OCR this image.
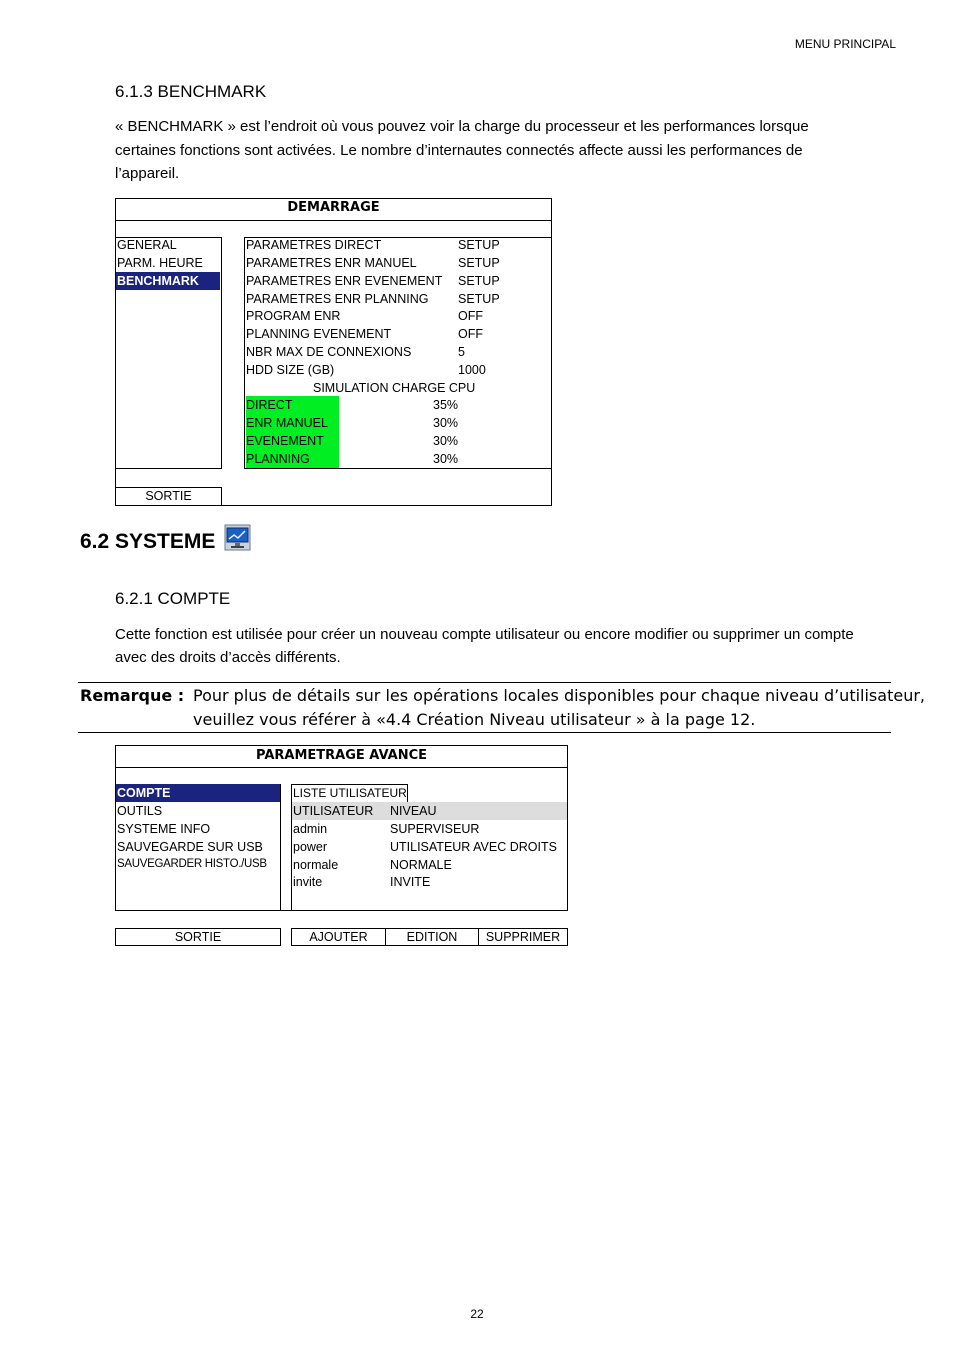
MENU PRINCIPAL
6.1.3 BENCHMARK
« BENCHMARK » est l’endroit où vous pouvez voir la charge du processeur et les performances lorsque
certaines fonctions sont activées. Le nombre d’internautes connectés affecte aussi les performances de
l’appareil.
DEMARRAGE
GENERAL
PARM. HEURE
BENCHMARK
PARAMETRES DIRECT	SETUP
PARAMETRES ENR MANUEL	SETUP
PARAMETRES ENR EVENEMENT SETUP
PARAMETRES ENR PLANNING SETUP
PROGRAM ENR	OFF
PLANNING EVENEMENT	OFF
NBR MAX DE CONNEXIONS	5
HDD SIZE (GB)	1000
SIMULATION CHARGE CPU
DIRECT	35%
ENR MANUEL	30%
EVENEMENT	30%
PLANNING	30%
SORTIE
6.2 SYSTEME
6.2.1 COMPTE
Cette fonction est utilisée pour créer un nouveau compte utilisateur ou encore modifier ou supprimer un compte
avec des droits d’accès différents.
Remarque : Pour plus de détails sur les opérations locales disponibles pour chaque niveau d’utilisateur,
veuillez vous référer à «4.4 Création Niveau utilisateur » à la page 12.
PARAMETRAGE AVANCE
COMPTE
OUTILS
SYSTEME INFO
SAUVEGARDE SUR USB
SAUVEGARDER HISTO./USB
LISTE UTILISATEUR
UTILISATEUR NIVEAU
admin	SUPERVISEUR
power	UTILISATEUR AVEC DROITS
normale	NORMALE
invite	INVITE
SORTIE	AJOUTER	EDITION	SUPPRIMER
22
